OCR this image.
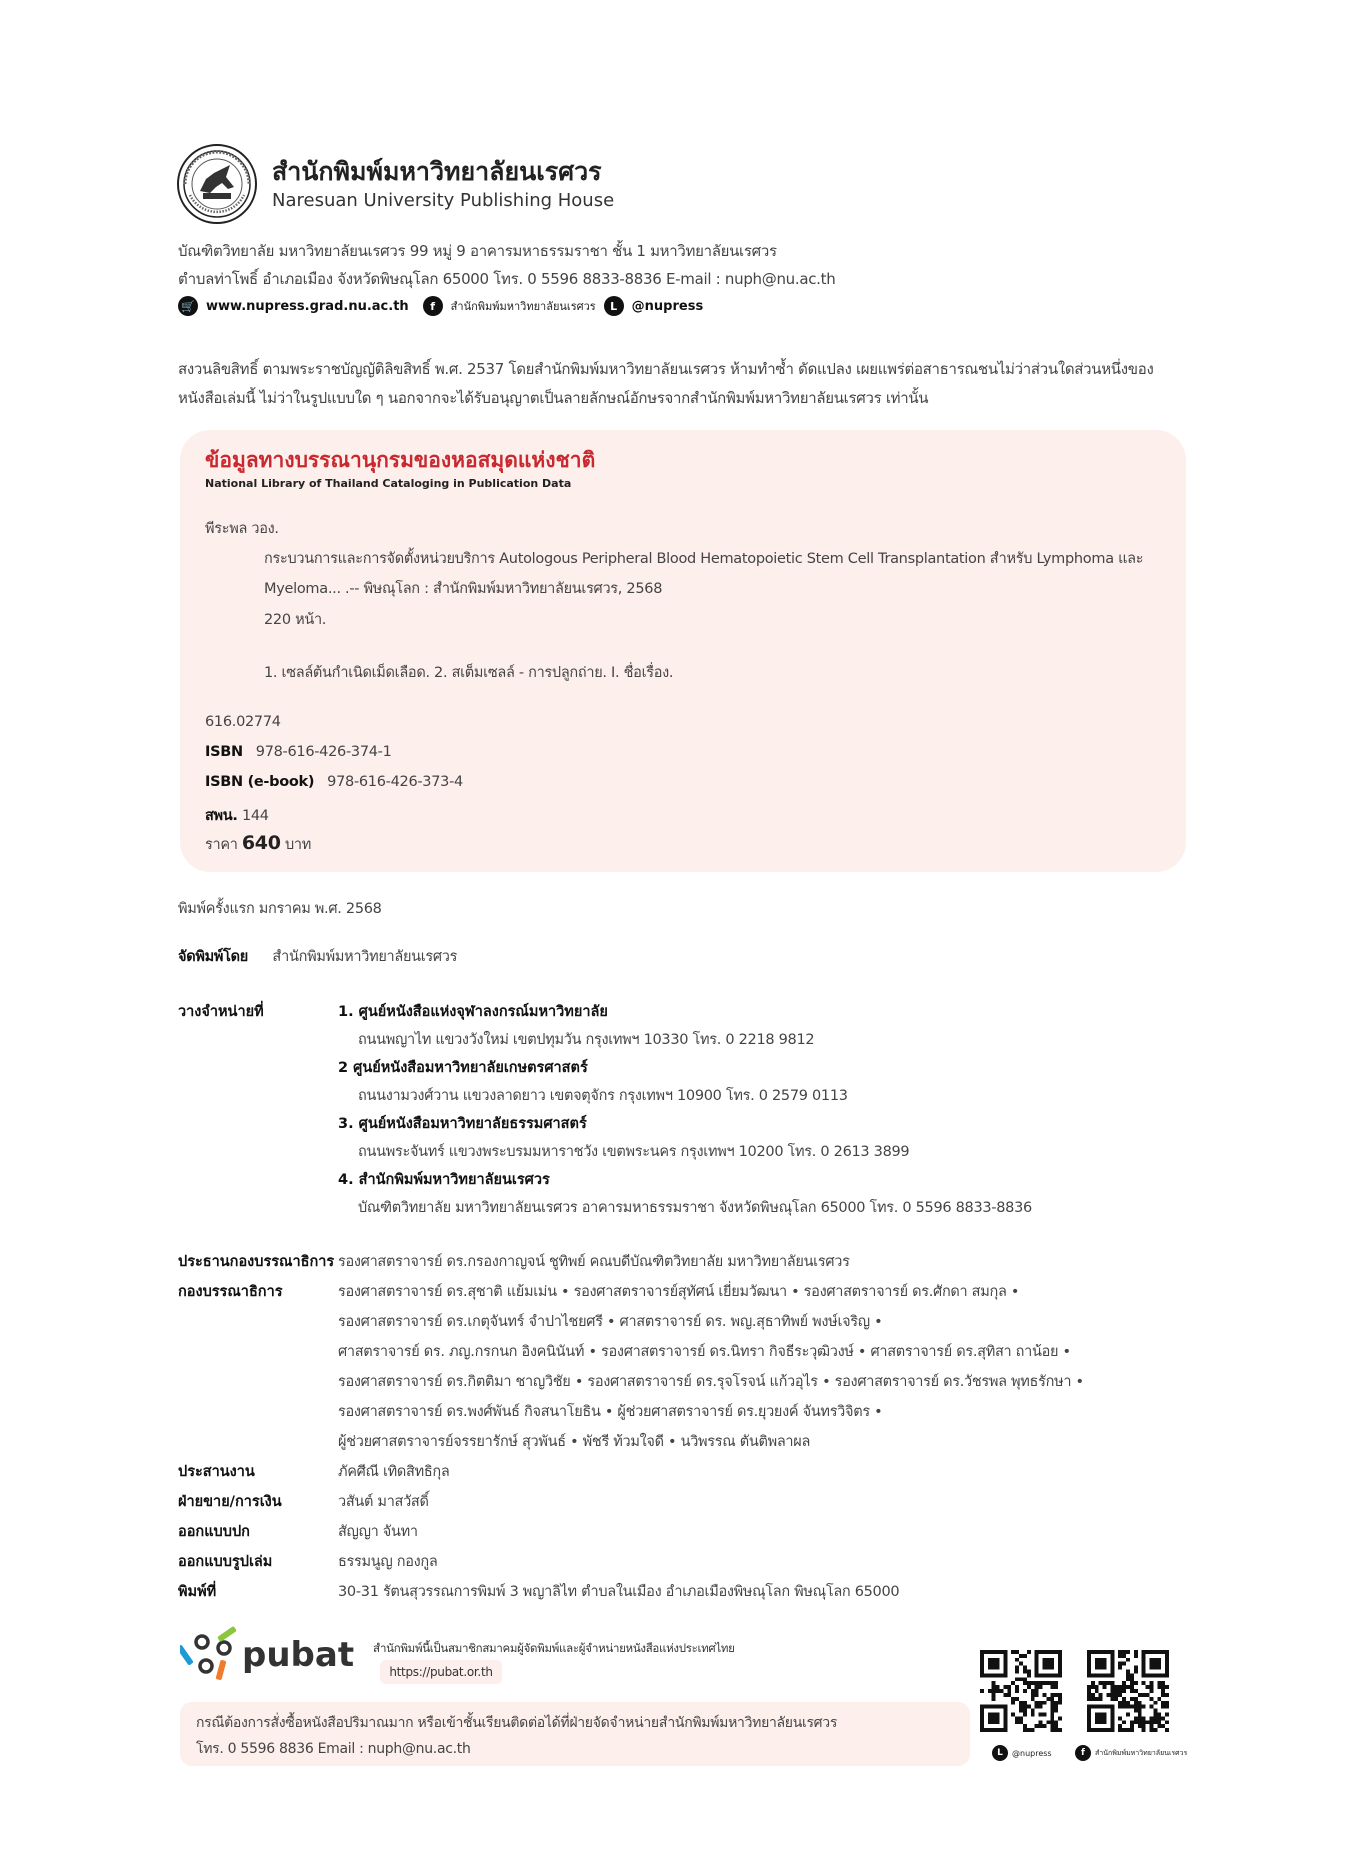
สำนักพิมพ์มหาวิทยาลัยนเรศวร
Naresuan University Publishing House
บัณฑิตวิทยาลัย มหาวิทยาลัยนเรศวร 99 หมู่ 9 อาคารมหาธรรมราชา ชั้น 1 มหาวิทยาลัยนเรศวร
ตำบลท่าโพธิ์ อำเภอเมือง จังหวัดพิษณุโลก 65000 โทร. 0 5596 8833-8836 E-mail : nuph@nu.ac.th
🛒 www.nupress.grad.nu.ac.th	f	สำนักพิมพ์มหาวิทยาลัยนเรศวร	L	@nupress
สงวนลิขสิทธิ์ ตามพระราชบัญญัติลิขสิทธิ์ พ.ศ. 2537 โดยสำนักพิมพ์มหาวิทยาลัยนเรศวร ห้ามทำซ้ำ ดัดแปลง เผยแพร่ต่อสาธารณชนไม่ว่าส่วนใดส่วนหนึ่งของหนังสือเล่มนี้ ไม่ว่าในรูปแบบใด ๆ นอกจากจะได้รับอนุญาตเป็นลายลักษณ์อักษรจากสำนักพิมพ์มหาวิทยาลัยนเรศวร เท่านั้น
ข้อมูลทางบรรณานุกรมของหอสมุดแห่งชาติ
National Library of Thailand Cataloging in Publication Data
พีระพล วอง.
กระบวนการและการจัดตั้งหน่วยบริการ Autologous Peripheral Blood Hematopoietic Stem Cell Transplantation สำหรับ Lymphoma และ
Myeloma... .-- พิษณุโลก : สำนักพิมพ์มหาวิทยาลัยนเรศวร, 2568
220 หน้า.
1. เซลล์ต้นกำเนิดเม็ดเลือด. 2. สเต็มเซลล์ - การปลูกถ่าย. I. ชื่อเรื่อง.
616.02774
ISBN 978-616-426-374-1
ISBN (e-book) 978-616-426-373-4
สพน. 144
ราคา 640 บาท
พิมพ์ครั้งแรก มกราคม พ.ศ. 2568
จัดพิมพ์โดย สำนักพิมพ์มหาวิทยาลัยนเรศวร
วางจำหน่ายที่	1. ศูนย์หนังสือแห่งจุฬาลงกรณ์มหาวิทยาลัย
ถนนพญาไท แขวงวังใหม่ เขตปทุมวัน กรุงเทพฯ 10330 โทร. 0 2218 9812
2 ศูนย์หนังสือมหาวิทยาลัยเกษตรศาสตร์
ถนนงามวงศ์วาน แขวงลาดยาว เขตจตุจักร กรุงเทพฯ 10900 โทร. 0 2579 0113
3. ศูนย์หนังสือมหาวิทยาลัยธรรมศาสตร์
ถนนพระจันทร์ แขวงพระบรมมหาราชวัง เขตพระนคร กรุงเทพฯ 10200 โทร. 0 2613 3899
4. สำนักพิมพ์มหาวิทยาลัยนเรศวร
บัณฑิตวิทยาลัย มหาวิทยาลัยนเรศวร อาคารมหาธรรมราชา จังหวัดพิษณุโลก 65000 โทร. 0 5596 8833-8836
ประธานกองบรรณาธิการ รองศาสตราจารย์ ดร.กรองกาญจน์ ชูทิพย์ คณบดีบัณฑิตวิทยาลัย มหาวิทยาลัยนเรศวร
กองบรรณาธิการ	รองศาสตราจารย์ ดร.สุชาติ แย้มเม่น • รองศาสตราจารย์สุทัศน์ เยี่ยมวัฒนา • รองศาสตราจารย์ ดร.ศักดา สมกุล •
รองศาสตราจารย์ ดร.เกตุจันทร์ จำปาไชยศรี • ศาสตราจารย์ ดร. พญ.สุธาทิพย์ พงษ์เจริญ •
ศาสตราจารย์ ดร. ภญ.กรกนก อิงคนินันท์ • รองศาสตราจารย์ ดร.นิทรา กิจธีระวุฒิวงษ์ • ศาสตราจารย์ ดร.สุทิสา ถาน้อย •
รองศาสตราจารย์ ดร.กิตติมา ชาญวิชัย • รองศาสตราจารย์ ดร.รุจโรจน์ แก้วอุไร • รองศาสตราจารย์ ดร.วัชรพล พุทธรักษา •
รองศาสตราจารย์ ดร.พงศ์พันธ์ กิจสนาโยธิน • ผู้ช่วยศาสตราจารย์ ดร.ยุวยงค์ จันทรวิจิตร •
ผู้ช่วยศาสตราจารย์จรรยารักษ์ สุวพันธ์ • พัชรี ท้วมใจดี • นวิพรรณ ตันติพลาผล
ประสานงาน	ภัคศีณี เทิดสิทธิกุล
ฝ่ายขาย/การเงิน	วสันต์ มาสวัสดิ์
ออกแบบปก	สัญญา จันทา
ออกแบบรูปเล่ม	ธรรมนูญ กองกูล
พิมพ์ที่	30-31 รัตนสุวรรณการพิมพ์ 3 พญาลิไท ตำบลในเมือง อำเภอเมืองพิษณุโลก พิษณุโลก 65000
pubat สำนักพิมพ์นี้เป็นสมาชิกสมาคมผู้จัดพิมพ์และผู้จำหน่ายหนังสือแห่งประเทศไทย
https://pubat.or.th
กรณีต้องการสั่งซื้อหนังสือปริมาณมาก หรือเข้าชั้นเรียนติดต่อได้ที่ฝ่ายจัดจำหน่ายสำนักพิมพ์มหาวิทยาลัยนเรศวร
โทร. 0 5596 8836 Email : nuph@nu.ac.th	L	@nupress	f	สำนักพิมพ์มหาวิทยาลัยนเรศวร
